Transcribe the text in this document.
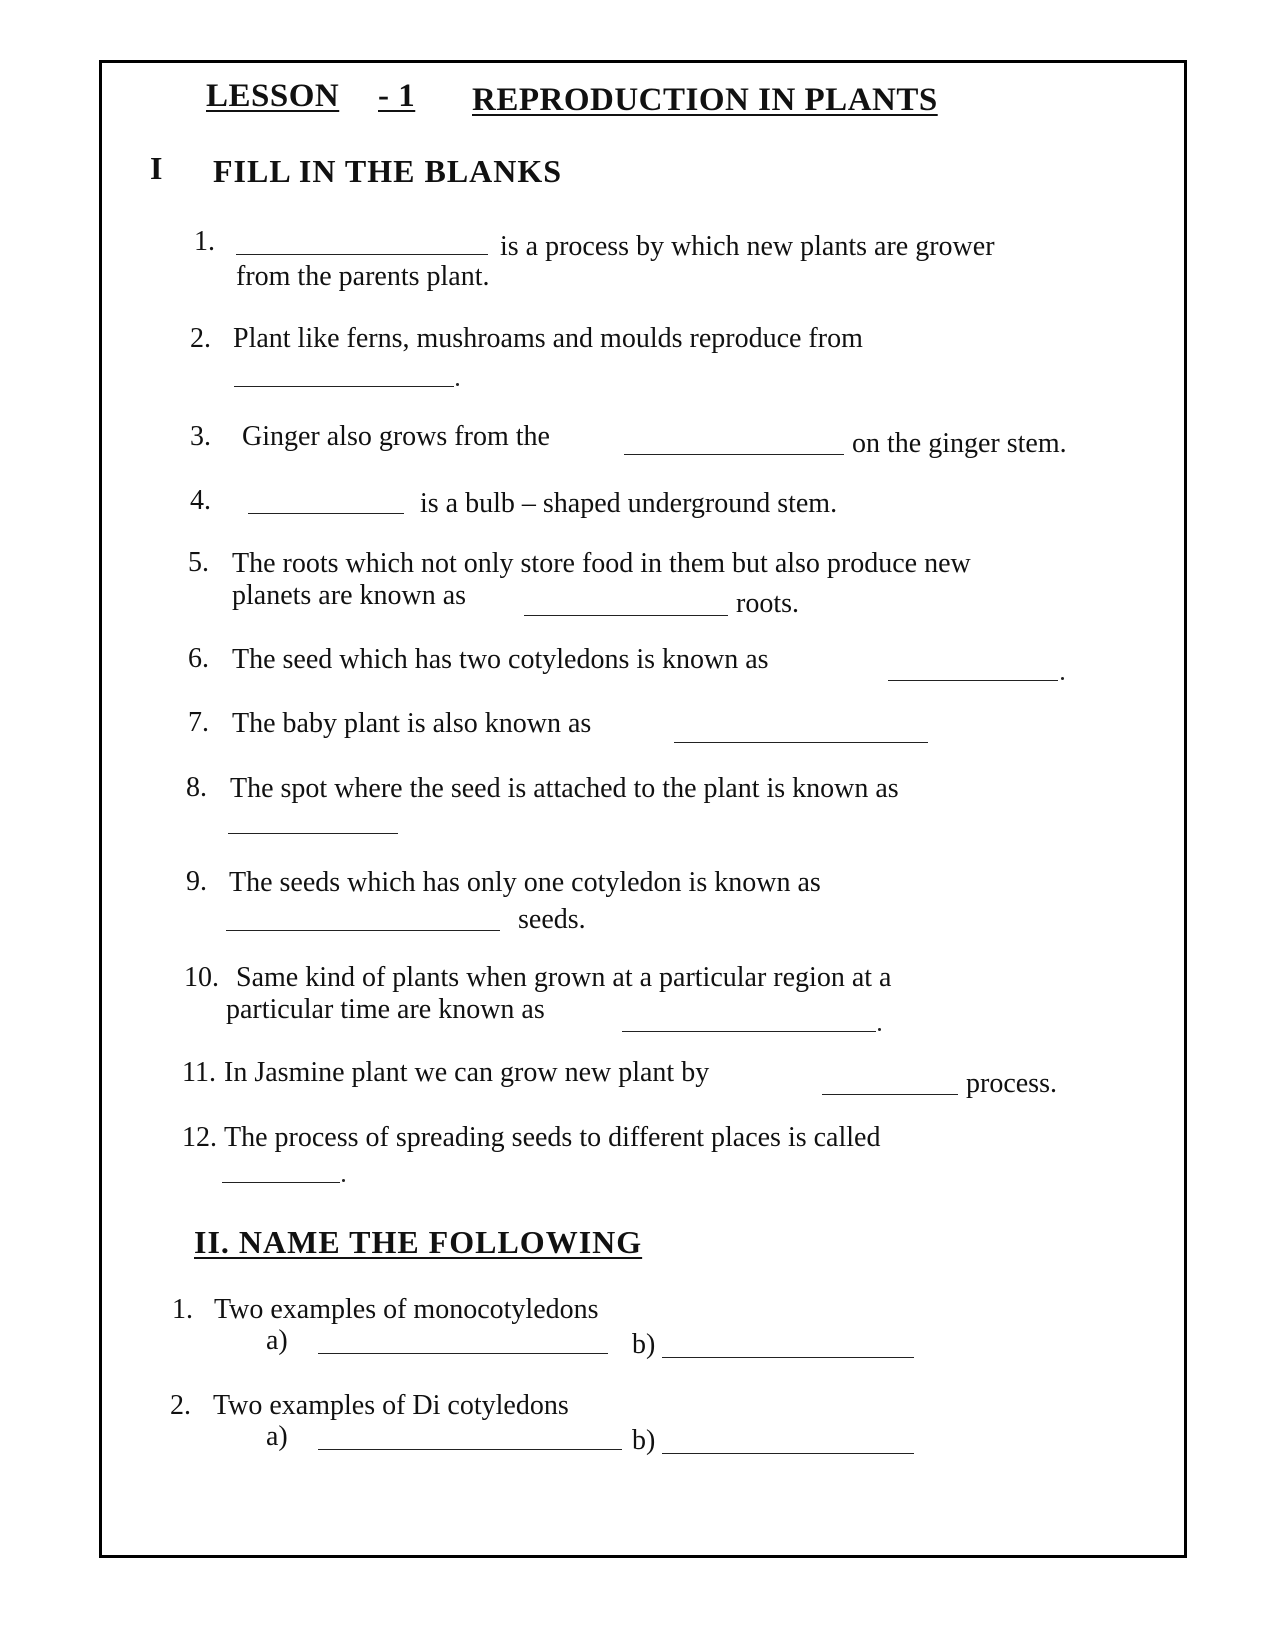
LESSON - 1 REPRODUCTION IN PLANTS
I FILL IN THE BLANKS
1.	is a process by which new plants are grower
from the parents plant.
2. Plant like ferns, mushroams and moulds reproduce from
3. Ginger also grows from the	on the ginger stem.
4.	is a bulb – shaped underground stem.
5. The roots which not only store food in them but also produce new
planets are known as	roots.
6. The seed which has two cotyledons is known as
7. The baby plant is also known as
8. The spot where the seed is attached to the plant is known as
9. The seeds which has only one cotyledon is known as
seeds.
10. Same kind of plants when grown at a particular region at a
particular time are known as
11. In Jasmine plant we can grow new plant by	process.
12. The process of spreading seeds to different places is called
II. NAME THE FOLLOWING
1. Two examples of monocotyledons
a)	b)
2. Two examples of Di cotyledons
a)	b)
